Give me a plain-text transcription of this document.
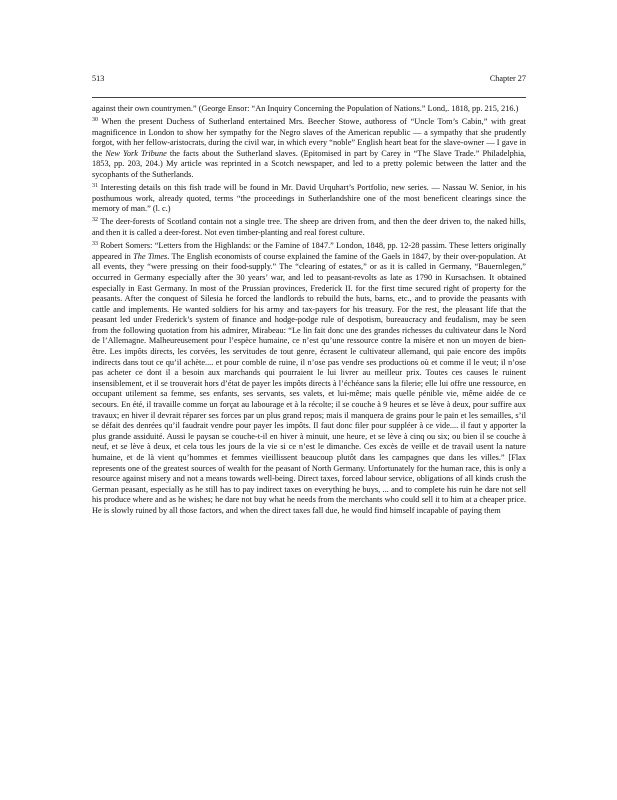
513	Chapter 27

against their own countrymen.” (George Ensor: “An Inquiry Concerning the Population of Nations.” Lond,. 1818, pp. 215, 216.)

$^{30}$ When the present Duchess of Sutherland entertained Mrs. Beecher Stowe, authoress of “Uncle Tom’s Cabin,” with great magnificence in London to show her sympathy for the Negro slaves of the American republic — a sympathy that she prudently forgot, with her fellow-aristocrats, during the civil war, in which every “noble” English heart beat for the slave-owner — I gave in the New York Tribune the facts about the Sutherland slaves. (Epitomised in part by Carey in “The Slave Trade.” Philadelphia, 1853, pp. 203, 204.) My article was reprinted in a Scotch newspaper, and led to a pretty polemic between the latter and the sycophants of the Sutherlands.

$^{31}$ Interesting details on this fish trade will be found in Mr. David Urquhart’s Portfolio, new series. — Nassau W. Senior, in his posthumous work, already quoted, terms “the proceedings in Sutherlandshire one of the most beneficent clearings since the memory of man.” (l. c.)

$^{32}$ The deer-forests of Scotland contain not a single tree. The sheep are driven from, and then the deer driven to, the naked hills, and then it is called a deer-forest. Not even timber-planting and real forest culture.

$^{33}$ Robert Somers: “Letters from the Highlands: or the Famine of 1847.” London, 1848, pp. 12-28 passim. These letters originally appeared in The Times. The English economists of course explained the famine of the Gaels in 1847, by their over-population. At all events, they “were pressing on their food-supply.” The “clearing of estates,” or as it is called in Germany, “Bauernlegen,” occurred in Germany especially after the 30 years’ war, and led to peasant-revolts as late as 1790 in Kursachsen. It obtained especially in East Germany. In most of the Prussian provinces, Frederick II. for the first time secured right of property for the peasants. After the conquest of Silesia he forced the landlords to rebuild the huts, barns, etc., and to provide the peasants with cattle and implements. He wanted soldiers for his army and tax-payers for his treasury. For the rest, the pleasant life that the peasant led under Frederick’s system of finance and hodge-podge rule of despotism, bureaucracy and feudalism, may be seen from the following quotation from his admirer, Mirabeau: “Le lin fait donc une des grandes richesses du cultivateur dans le Nord de l’Allemagne. Malheureusement pour l’espèce humaine, ce n’est qu’une ressource contre la misère et non un moyen de bien-être. Les impôts directs, les corvées, les servitudes de tout genre, écrasent le cultivateur allemand, qui paie encore des impôts indirects dans tout ce qu’il achète.... et pour comble de ruine, il n’ose pas vendre ses productions où et comme il le veut; il n’ose pas acheter ce dont il a besoin aux marchands qui pourraient le lui livrer au meilleur prix. Toutes ces causes le ruinent insensiblement, et il se trouverait hors d’état de payer les impôts directs à l’échéance sans la filerie; elle lui offre une ressource, en occupant utilement sa femme, ses enfants, ses servants, ses valets, et lui-même; mais quelle pénible vie, même aidée de ce secours. En été, il travaille comme un forçat au labourage et à la récolte; il se couche à 9 heures et se lève à deux, pour suffire aux travaux; en hiver il devrait réparer ses forces par un plus grand repos; mais il manquera de grains pour le pain et les semailles, s’il se défait des denrées qu’il faudrait vendre pour payer les impôts. Il faut donc filer pour suppléer à ce vide.... il faut y apporter la plus grande assiduité. Aussi le paysan se couche-t-il en hiver à minuit, une heure, et se lève à cinq ou six; ou bien il se couche à neuf, et se lève à deux, et cela tous les jours de la vie si ce n’est le dimanche. Ces excès de veille et de travail usent la nature humaine, et de là vient qu’hommes et femmes vieillissent beaucoup plutôt dans les campagnes que dans les villes.” [Flax represents one of the greatest sources of wealth for the peasant of North Germany. Unfortunately for the human race, this is only a resource against misery and not a means towards well-being. Direct taxes, forced labour service, obligations of all kinds crush the German peasant, especially as he still has to pay indirect taxes on everything he buys, ... and to complete his ruin he dare not sell his produce where and as he wishes; he dare not buy what he needs from the merchants who could sell it to him at a cheaper price. He is slowly ruined by all those factors, and when the direct taxes fall due, he would find himself incapable of paying them
